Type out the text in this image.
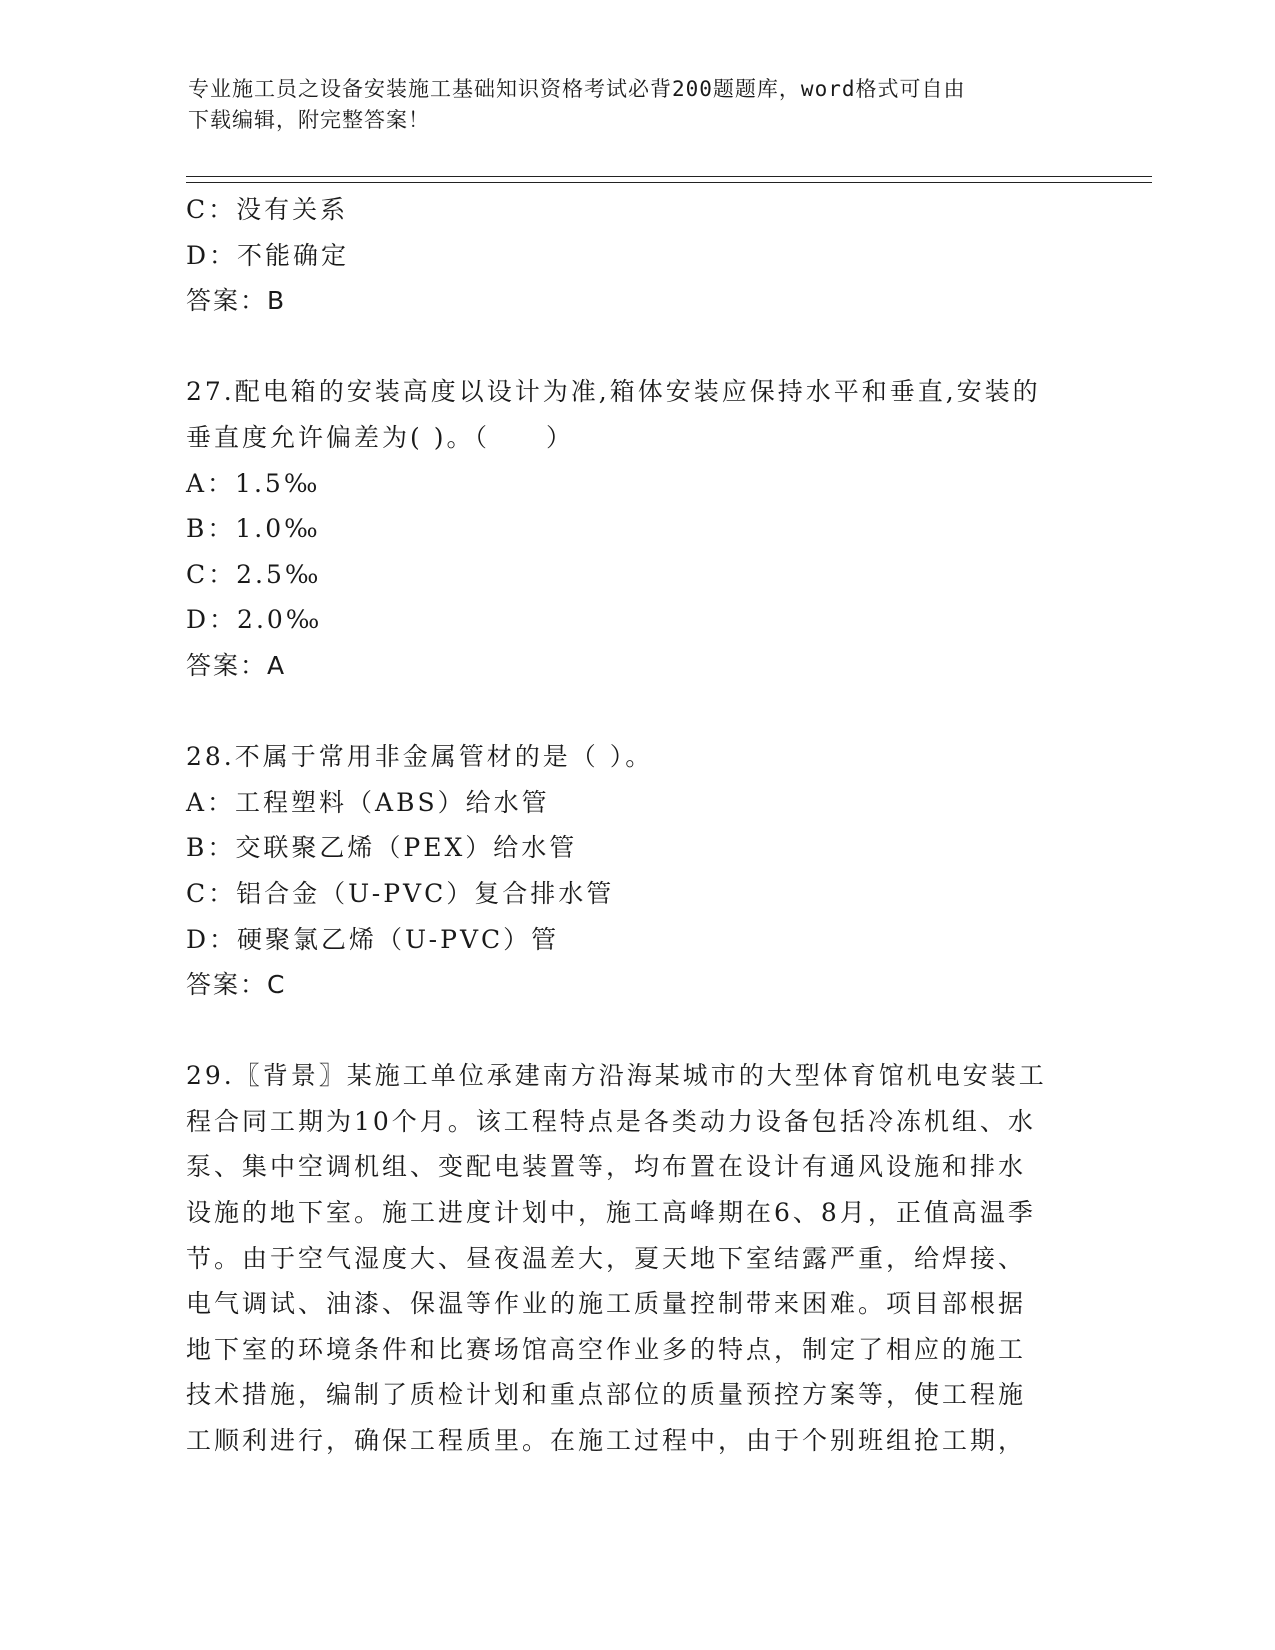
专业施工员之设备安装施工基础知识资格考试必背200题题库，word格式可自由
下载编辑，附完整答案！
C：没有关系
D：不能确定
答案：B
27.配电箱的安装高度以设计为准,箱体安装应保持水平和垂直,安装的
垂直度允许偏差为( )。（　　）
A：1.5‰
B：1.0‰
C：2.5‰
D：2.0‰
答案：A
28.不属于常用非金属管材的是（ ）。
A：工程塑料（ABS）给水管
B：交联聚乙烯（PEX）给水管
C：铝合金（U-PVC）复合排水管
D：硬聚氯乙烯（U-PVC）管
答案：C
29.〖背景〗某施工单位承建南方沿海某城市的大型体育馆机电安装工
程合同工期为10个月。该工程特点是各类动力设备包括冷冻机组、水
泵、集中空调机组、变配电装置等，均布置在设计有通风设施和排水
设施的地下室。施工进度计划中，施工高峰期在6、8月，正值高温季
节。由于空气湿度大、昼夜温差大，夏天地下室结露严重，给焊接、
电气调试、油漆、保温等作业的施工质量控制带来困难。项目部根据
地下室的环境条件和比赛场馆高空作业多的特点，制定了相应的施工
技术措施，编制了质检计划和重点部位的质量预控方案等，使工程施
工顺利进行，确保工程质里。在施工过程中，由于个别班组抢工期，
